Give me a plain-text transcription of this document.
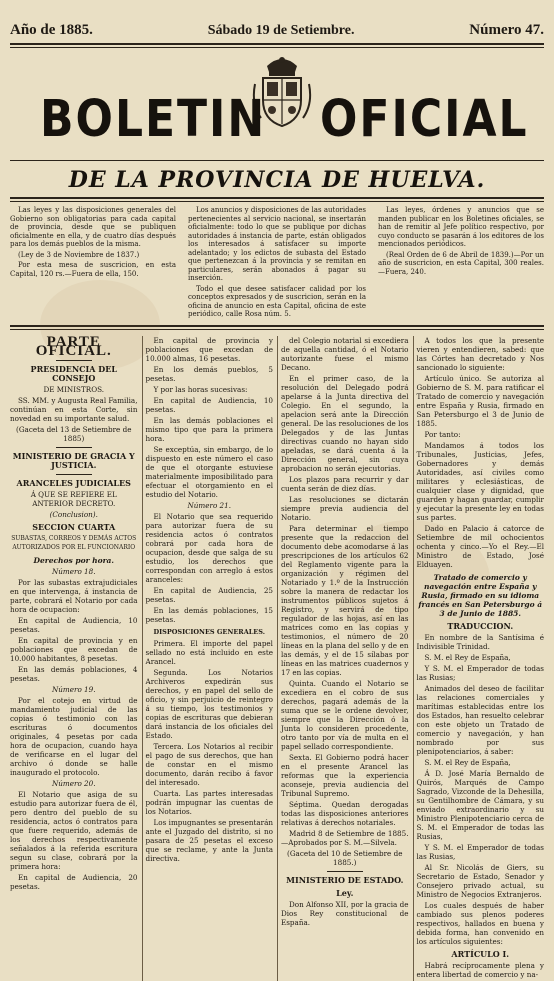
Año de 1885.	Sábado 19 de Setiembre.	Número 47.
BOLETIN OFICIAL
DE LA PROVINCIA DE HUELVA.

Las leyes y las disposiciones generales del Gobierno son obligatorias para cada capital de provincia, desde que se publiquen oficialmente en ella, y de cuatro días después para los demás pueblos de la misma.

(Ley de 3 de Noviembre de 1837.)

Por esta mesa de suscricion, en esta Capital, 120 rs.—Fuera de ella, 150.

Los anuncios y disposiciones de las autoridades pertenecientes al servicio nacional, se insertarán oficialmente: todo lo que se publique por dichas autoridades á instancia de parte, están obligados los interesados á satisfacer su importe adelantado; y los edictos de subasta del Estado que pertenezcan á la provincia y se remitan en particulares, serán abonados á pagar su inserción.

Todo el que desee satisfacer calidad por los conceptos expresados y de suscricion, serán en la oficina de anuncio en esta Capital, oficina de este periódico, calle Rosa núm. 5.

Las leyes, órdenes y anuncios que se manden publicar en los Boletines oficiales, se han de remitir al Jefe político respectivo, por cuyo conducto se pasarán á los editores de los mencionados periódicos.

(Real Orden de 6 de Abril de 1839.)—Por un año de suscricion, en esta Capital, 300 reales.—Fuera, 240.

PARTE OFICIAL.
PRESIDENCIA DEL CONSEJO

DE MINISTROS.

SS. MM. y Augusta Real Familia, continúan en esta Corte, sin novedad en su importante salud.

(Gaceta del 13 de Setiembre de 1885)

MINISTERIO DE GRACIA Y JUSTICIA.
ARANCELES JUDICIALES

Á QUE SE REFIERE EL ANTERIOR DECRETO.

(Conclusion).

SECCION CUARTA

SUBASTAS, CORREOS Y DEMÁS ACTOS AUTORIZADOS POR EL FUNCIONARIO

Derechos por hora.

Número 18.

Por las subastas extrajudiciales en que intervenga, á instancia de parte, cobrará el Notario por cada hora de ocupacion:

En capital de Audiencia, 10 pesetas.

En capital de provincia y en poblaciones que excedan de 10.000 habitantes, 8 pesetas.

En las demás poblaciones, 4 pesetas.

Número 19.

Por el cotejo en virtud de mandamiento judicial de las copias ó testimonio con las escrituras ó documentos originales, 4 pesetas por cada hora de ocupacion, cuando haya de verificarse en el lugar del archivo ó donde se halle inaugurado el protocolo.

Número 20.

El Notario que asiga de su estudio para autorizar fuera de él, pero dentro del pueblo de su residencia, actos ó contratos para que fuere requerido, además de los derechos respectivamente señalados á la referida escritura segun su clase, cobrará por la primera hora:

En capital de Audiencia, 20 pesetas.

En capital de provincia y poblaciones que excedan de 10.000 almas, 16 pesetas.

En los demás pueblos, 5 pesetas.

Y por las horas sucesivas:

En capital de Audiencia, 10 pesetas.

En las demás poblaciones el mismo tipo que para la primera hora.

Se exceptúa, sin embargo, de lo dispuesto en este número el caso de que el otorgante estuviese materialmente imposibilitado para efectuar el otorgamiento en el estudio del Notario.

Número 21.

El Notario que sea requerido para autorizar fuera de su residencia actos ó contratos cobrará por cada hora de ocupacion, desde que salga de su estudio, los derechos que correspondan con arreglo á estos aranceles:

En capital de Audiencia, 25 pesetas.

En las demás poblaciones, 15 pesetas.

DISPOSICIONES GENERALES.

Primera. El importe del papel sellado no está incluido en este Arancel.

Segunda. Los Notarios Archiveros expedirán sus derechos, y en papel del sello de oficio, y sin perjuicio de reintegro á su tiempo, los testimonios y copias de escrituras que debieran dará instancia de los oficiales del Estado.

Tercera. Los Notarios al recibir el pago de sus derechos, que han de constar en el mismo documento, darán recibo á favor del interesado.

Cuarta. Las partes interesadas podrán impugnar las cuentas de los Notarios.

Los impugnantes se presentarán ante el Juzgado del distrito, si no pasara de 25 pesetas el exceso que se reclame, y ante la Junta directiva.

del Colegio notarial si excediera de aquella cantidad, ó el Notario autorizante fuese el mismo Decano.

En el primer caso, de la resolución del Delegado podrá apelarse á la Junta directiva del Colegio. En el segundo, la apelacion será ante la Dirección general. De las resoluciones de los Delegados y de las Juntas directivas cuando no hayan sido apeladas, se dará cuenta á la Dirección general, sin cuya aprobacion no serán ejecutorias.

Los plazos para recurrir y dar cuenta serán de diez días.

Las resoluciones se dictarán siempre previa audiencia del Notario.

Para determinar el tiempo presente que la redaccion del documento debe acomodarse á las prescripciones de los artículos 62 del Reglamento vigente para la organización y régimen del Notariado y 1.º de la Instrucción sobre la manera de redactar los instrumentos públicos sujetos á Registro, y servirá de tipo regulador de las hojas, así en las matrices como en las copias y testimonios, el número de 20 líneas en la plana del sello y de en las demás, y el de 15 sílabas por líneas en las matrices cuadernos y 17 en las copias.

Quinta. Cuando el Notario se excediera en el cobro de sus derechos, pagará además de la suma que se le ordene devolver, siempre que la Dirección ó la Junta lo consideren procedente, otro tanto por vía de multa en el papel sellado correspondiente.

Sexta. El Gobierno podrá hacer en el presente Arancel las reformas que la experiencia aconseje, previa audiencia del Tribunal Supremo.

Séptima. Quedan derogadas todas las disposiciones anteriores relativas á derechos notariales.

Madrid 8 de Setiembre de 1885.—Aprobados por S. M.—Silvela.

(Gaceta del 10 de Setiembre de 1885.)

MINISTERIO DE ESTADO.
Ley.

Don Alfonso XII, por la gracia de Dios Rey constitucional de España.

A todos los que la presente vieren y entendieren, sabed: que las Córtes han decretado y Nos sancionado lo siguiente:

Artículo único. Se autoriza al Gobierno de S. M. para ratificar el Tratado de comercio y navegación entre España y Rusia, firmado en San Petersburgo el 3 de Junio de 1885.

Por tanto:

Mandamos á todos los Tribunales, Justicias, Jefes, Gobernadores y demás Autoridades, así civiles como militares y eclesiásticas, de cualquier clase y dignidad, que guarden y hagan guardar, cumplir y ejecutar la presente ley en todas sus partes.

Dado en Palacio á catorce de Setiembre de mil ochocientos ochenta y cinco.—Yo el Rey.—El Ministro de Estado, José Elduayen.

Tratado de comercio y navegación entre España y Rusia, firmado en su idioma francés en San Petersburgo á 3 de Junio de 1885.
TRADUCCION.

En nombre de la Santísima é Indivisible Trinidad.

S. M. el Rey de España,

Y S. M. el Emperador de todas las Rusias;

Animados del deseo de facilitar las relaciones comerciales y marítimas establecidas entre los dos Estados, han resuelto celebrar con este objeto un Tratado de comercio y navegación, y han nombrado por sus plenipotenciarios, á saber:

S. M. el Rey de España,

Á D. José María Bernaldo de Quirós, Marqués de Campo Sagrado, Vizconde de la Dehesilla, su Gentilhombre de Cámara, y su enviado extraordinario y su Ministro Plenipotenciario cerca de S. M. el Emperador de todas las Rusias,

Y S. M. el Emperador de todas las Rusias,

Al Sr. Nicolás de Giers, su Secretario de Estado, Senador y Consejero privado actual, su Ministro de Negocios Extranjeros.

Los cuales después de haber cambiado sus plenos poderes respectivos, hallados en buena y debida forma, han convenido en los artículos siguientes:

ARTÍCULO I.

Habrá recíprocamente plena y entera libertad de comercio y na-
